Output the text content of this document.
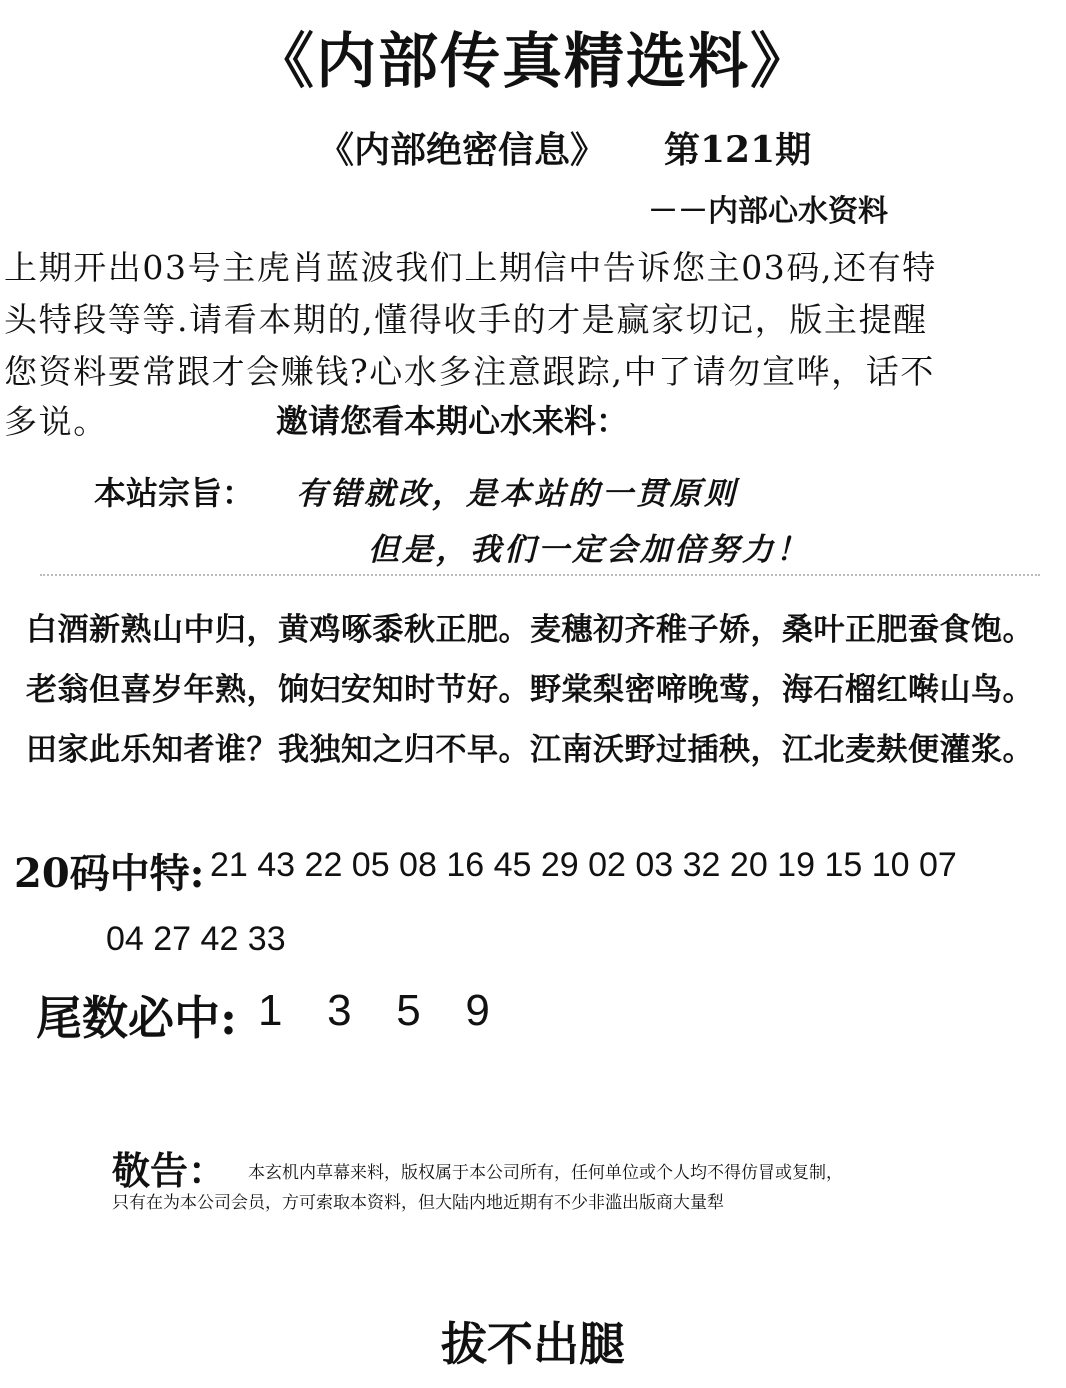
《内部传真精选料》
《内部绝密信息》 第121期
－－内部心水资料
上期开出03号主虎肖蓝波我们上期信中告诉您主03码,还有特
头特段等等.请看本期的,懂得收手的才是赢家切记，版主提醒
您资料要常跟才会赚钱?心水多注意跟踪,中了请勿宣哗，话不
多说。	邀请您看本期心水来料：
本站宗旨： 有错就改，是本站的一贯原则
但是，我们一定会加倍努力！
白酒新熟山中归，黄鸡啄黍秋正肥。麦穗初齐稚子娇，桑叶正肥蚕食饱。
老翁但喜岁年熟，饷妇安知时节好。野棠梨密啼晚莺，海石榴红啭山鸟。
田家此乐知者谁？我独知之归不早。江南沃野过插秧，江北麦麸便灌浆。
20码中特: 21 43 22 05 08 16 45 29 02 03 32 20 19 15 10 07
04 27 42 33
尾数必中: 1   3   5   9
敬告： 本玄机内草幕来料，版权属于本公司所有，任何单位或个人均不得仿冒或复制，
只有在为本公司会员，方可索取本资料，但大陆内地近期有不少非滥出版商大量犁
拔不出腿
